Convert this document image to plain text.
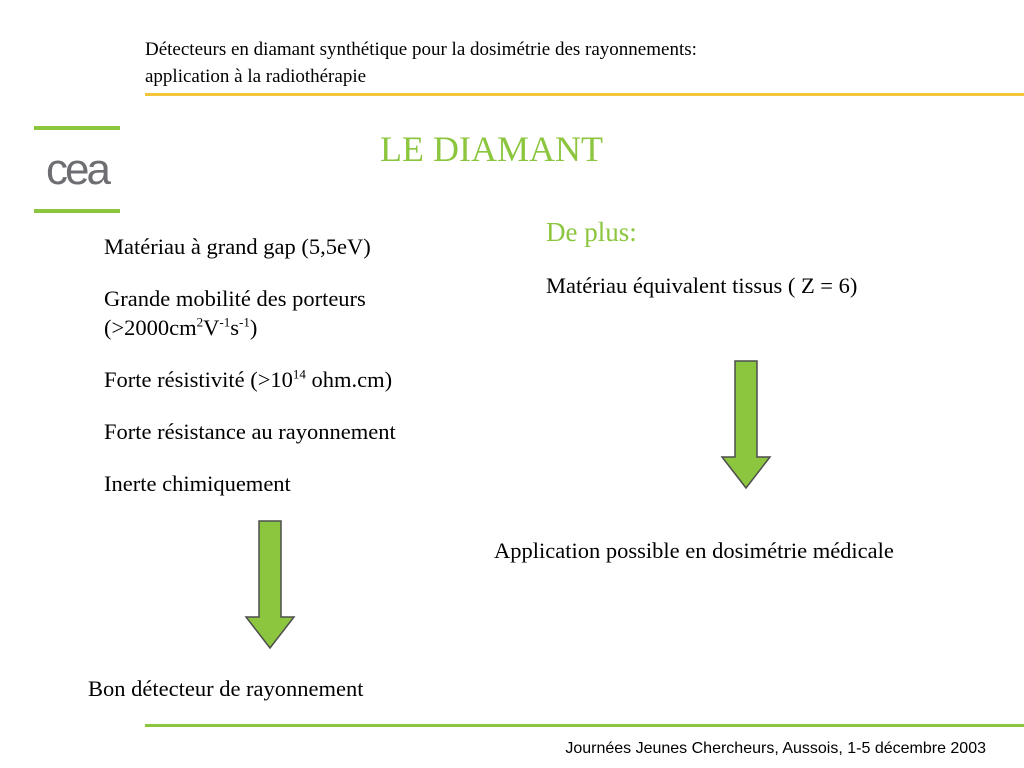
Détecteurs en diamant synthétique pour la dosimétrie des rayonnements:
application à la radiothérapie
cea	LE DIAMANT
Matériau à grand gap (5,5eV)
Grande mobilité des porteurs
$(>2000cm^2V^{-1}s^{-1})$
Forte résistivité ($>10^{14}$ ohm.cm)
Forte résistance au rayonnement
Inerte chimiquement
De plus:
Matériau équivalent tissus ( Z = 6)
Application possible en dosimétrie médicale
Bon détecteur de rayonnement
Journées Jeunes Chercheurs, Aussois, 1-5 décembre 2003
